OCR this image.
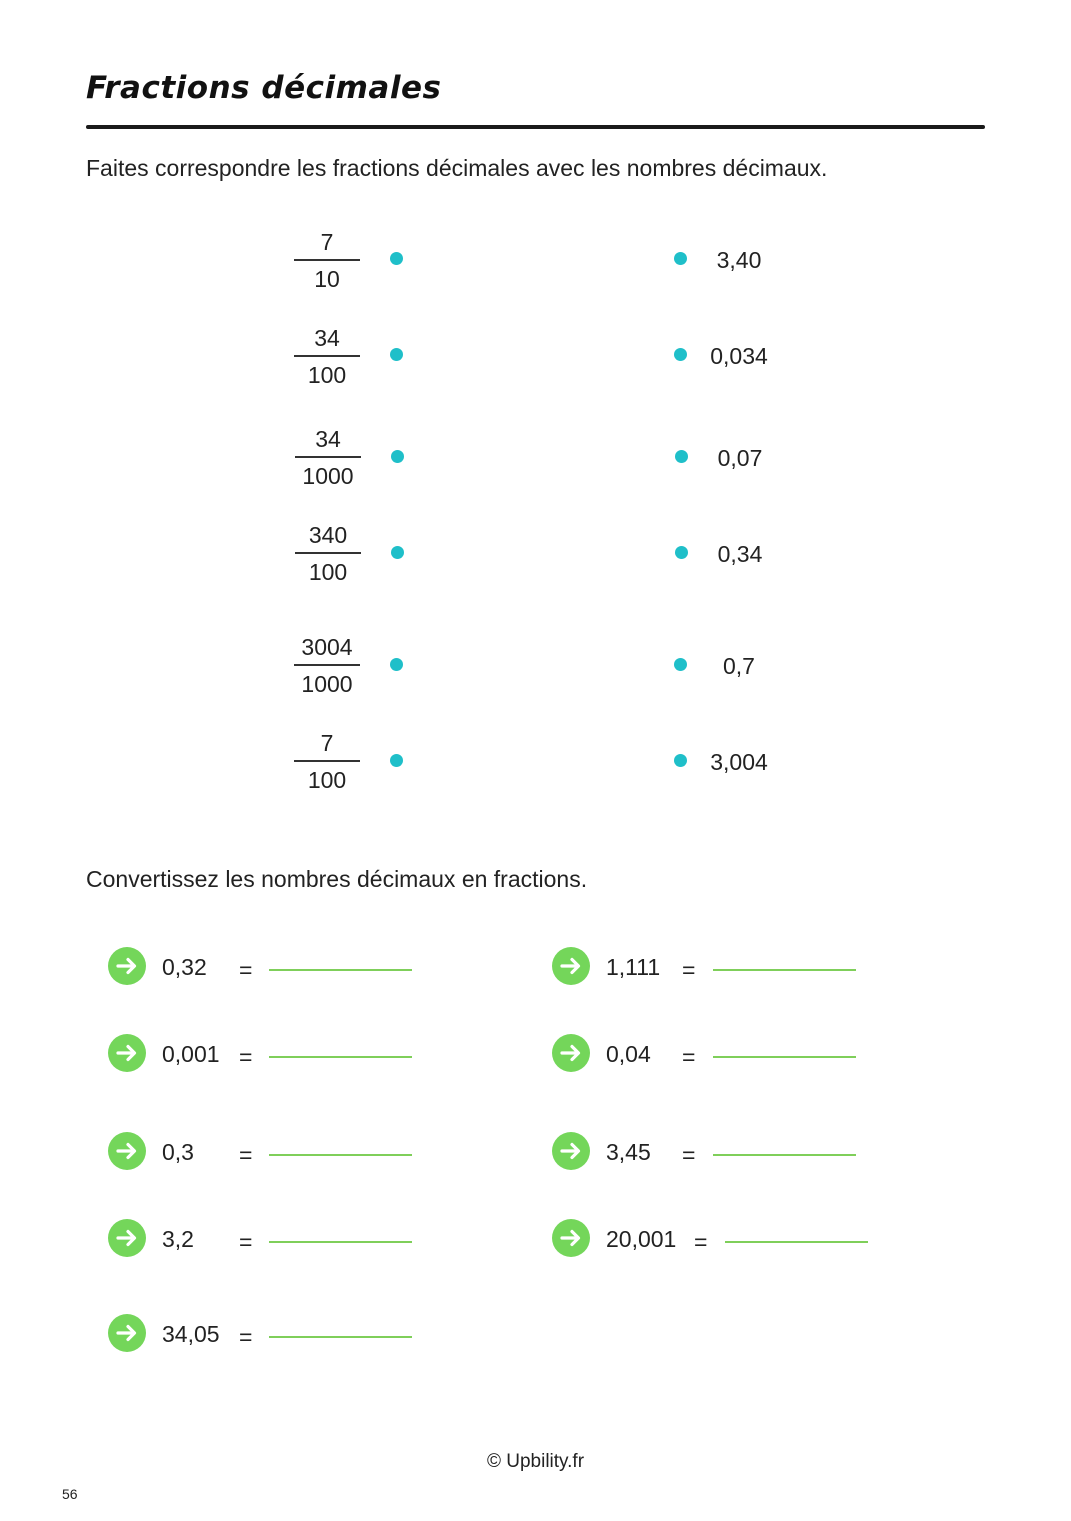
Fractions décimales
Faites correspondre les fractions décimales avec les nombres décimaux.
7
10
34
100
34
1000
340
100
3004
1000
7
100
3,40
0,034
0,07
0,34
0,7
3,004
Convertissez les nombres décimaux en fractions.
0,32 =
0,001 =
0,3 =
3,2 =
34,05 =
1,111 =
0,04 =
3,45 =
20,001 =
© Upbility.fr
56
